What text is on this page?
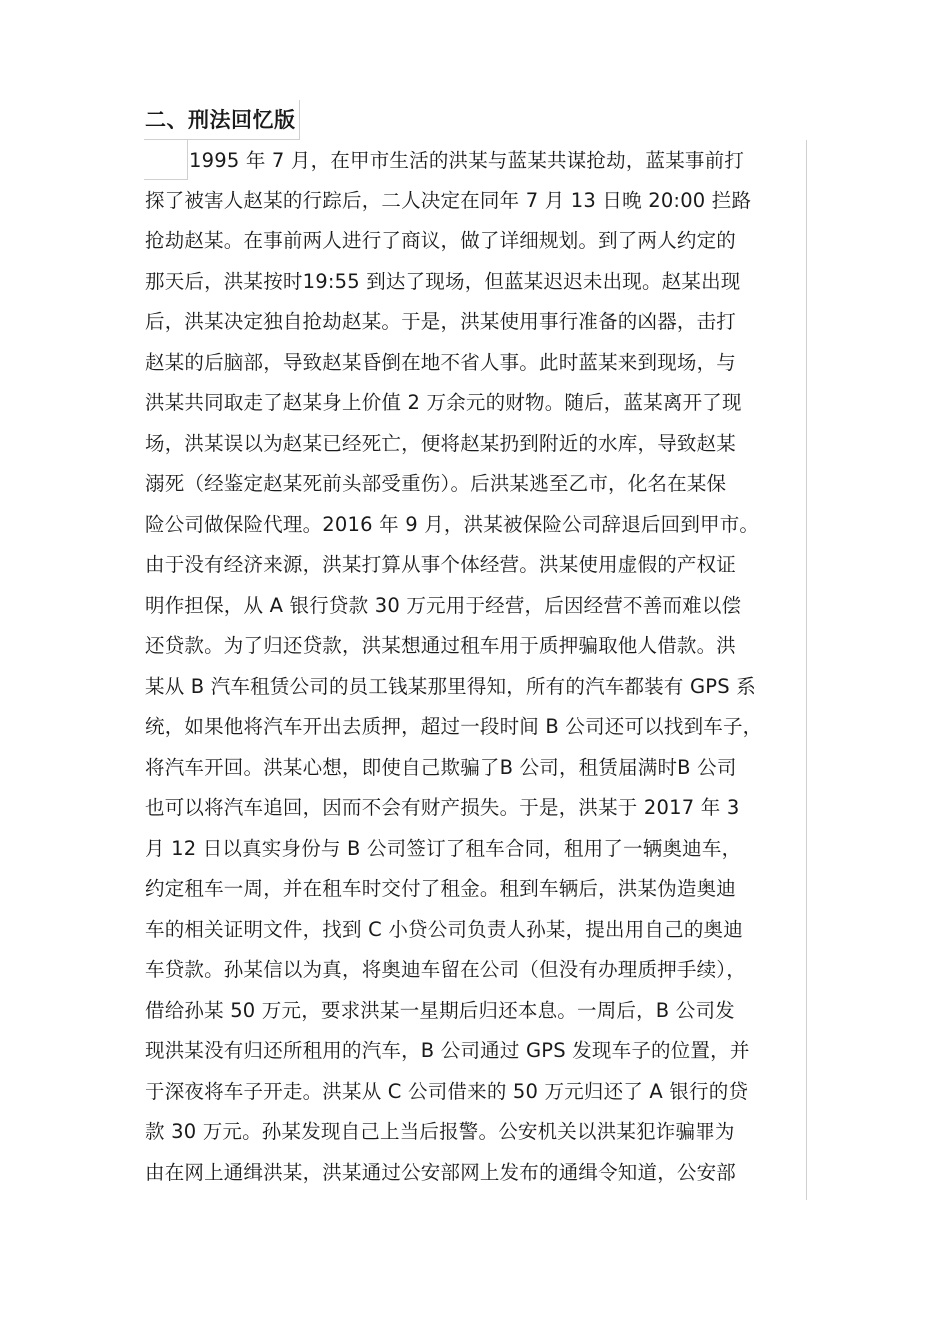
二、刑法回忆版
1995 年 7 月，在甲市生活的洪某与蓝某共谋抢劫，蓝某事前打
探了被害人赵某的行踪后，二人决定在同年 7 月 13 日晚 20:00 拦路
抢劫赵某。在事前两人进行了商议，做了详细规划。到了两人约定的
那天后，洪某按时19:55 到达了现场，但蓝某迟迟未出现。赵某出现
后，洪某决定独自抢劫赵某。于是，洪某使用事行准备的凶器，击打
赵某的后脑部，导致赵某昏倒在地不省人事。此时蓝某来到现场，与
洪某共同取走了赵某身上价值 2 万余元的财物。随后，蓝某离开了现
场，洪某误以为赵某已经死亡，便将赵某扔到附近的水库，导致赵某
溺死（经鉴定赵某死前头部受重伤）。后洪某逃至乙市，化名在某保
险公司做保险代理。2016 年 9 月，洪某被保险公司辞退后回到甲市。
由于没有经济来源，洪某打算从事个体经营。洪某使用虚假的产权证
明作担保，从 A 银行贷款 30 万元用于经营，后因经营不善而难以偿
还贷款。为了归还贷款，洪某想通过租车用于质押骗取他人借款。洪
某从 B 汽车租赁公司的员工钱某那里得知，所有的汽车都装有 GPS 系
统，如果他将汽车开出去质押，超过一段时间 B 公司还可以找到车子，
将汽车开回。洪某心想，即使自己欺骗了B 公司，租赁届满时B 公司
也可以将汽车追回，因而不会有财产损失。于是，洪某于 2017 年 3
月 12 日以真实身份与 B 公司签订了租车合同，租用了一辆奥迪车，
约定租车一周，并在租车时交付了租金。租到车辆后，洪某伪造奥迪
车的相关证明文件，找到 C 小贷公司负责人孙某，提出用自己的奥迪
车贷款。孙某信以为真，将奥迪车留在公司（但没有办理质押手续），
借给孙某 50 万元，要求洪某一星期后归还本息。一周后，B 公司发
现洪某没有归还所租用的汽车，B 公司通过 GPS 发现车子的位置，并
于深夜将车子开走。洪某从 C 公司借来的 50 万元归还了 A 银行的贷
款 30 万元。孙某发现自己上当后报警。公安机关以洪某犯诈骗罪为
由在网上通缉洪某，洪某通过公安部网上发布的通缉令知道，公安部
